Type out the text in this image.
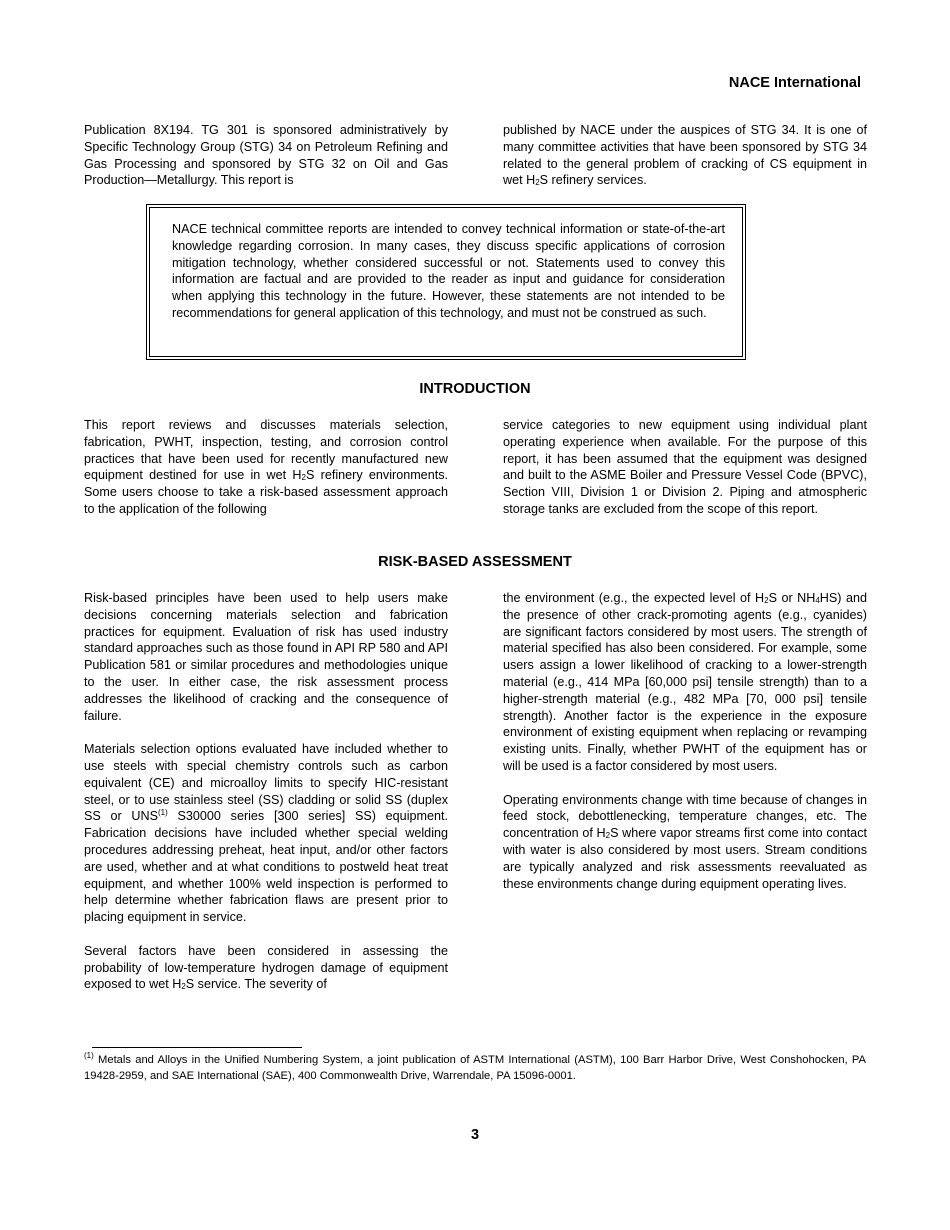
NACE International

Publication 8X194. TG 301 is sponsored administratively by Specific Technology Group (STG) 34 on Petroleum Refining and Gas Processing and sponsored by STG 32 on Oil and Gas Production—Metallurgy. This report is

published by NACE under the auspices of STG 34. It is one of many committee activities that have been sponsored by STG 34 related to the general problem of cracking of CS equipment in wet $H_2S$ refinery services.

NACE technical committee reports are intended to convey technical information or state-of-the-art knowledge regarding corrosion. In many cases, they discuss specific applications of corrosion mitigation technology, whether considered successful or not. Statements used to convey this information are factual and are provided to the reader as input and guidance for consideration when applying this technology in the future. However, these statements are not intended to be recommendations for general application of this technology, and must not be construed as such.
INTRODUCTION

This report reviews and discusses materials selection, fabrication, PWHT, inspection, testing, and corrosion control practices that have been used for recently manufactured new equipment destined for use in wet $H_2S$ refinery environments. Some users choose to take a risk-based assessment approach to the application of the following

service categories to new equipment using individual plant operating experience when available. For the purpose of this report, it has been assumed that the equipment was designed and built to the ASME Boiler and Pressure Vessel Code (BPVC), Section VIII, Division 1 or Division 2. Piping and atmospheric storage tanks are excluded from the scope of this report.

RISK-BASED ASSESSMENT

Risk-based principles have been used to help users make decisions concerning materials selection and fabrication practices for equipment. Evaluation of risk has used industry standard approaches such as those found in API RP 580 and API Publication 581 or similar procedures and methodologies unique to the user. In either case, the risk assessment process addresses the likelihood of cracking and the consequence of failure.

Materials selection options evaluated have included whether to use steels with special chemistry controls such as carbon equivalent (CE) and microalloy limits to specify HIC-resistant steel, or to use stainless steel (SS) cladding or solid SS (duplex SS or UNS$^{(1)}$ S30000 series [300 series] SS) equipment. Fabrication decisions have included whether special welding procedures addressing preheat, heat input, and/or other factors are used, whether and at what conditions to postweld heat treat equipment, and whether 100% weld inspection is performed to help determine whether fabrication flaws are present prior to placing equipment in service.

Several factors have been considered in assessing the probability of low-temperature hydrogen damage of equipment exposed to wet $H_2S$ service. The severity of

the environment (e.g., the expected level of $H_2S$ or $NH_4HS$) and the presence of other crack-promoting agents (e.g., cyanides) are significant factors considered by most users. The strength of material specified has also been considered. For example, some users assign a lower likelihood of cracking to a lower-strength material (e.g., 414 MPa [60,000 psi] tensile strength) than to a higher-strength material (e.g., 482 MPa [70, 000 psi] tensile strength). Another factor is the experience in the exposure environment of existing equipment when replacing or revamping existing units. Finally, whether PWHT of the equipment has or will be used is a factor considered by most users.

Operating environments change with time because of changes in feed stock, debottlenecking, temperature changes, etc. The concentration of $H_2S$ where vapor streams first come into contact with water is also considered by most users. Stream conditions are typically analyzed and risk assessments reevaluated as these environments change during equipment operating lives.

$^{(1)}$ Metals and Alloys in the Unified Numbering System, a joint publication of ASTM International (ASTM), 100 Barr Harbor Drive, West Conshohocken, PA 19428-2959, and SAE International (SAE), 400 Commonwealth Drive, Warrendale, PA 15096-0001.
3
